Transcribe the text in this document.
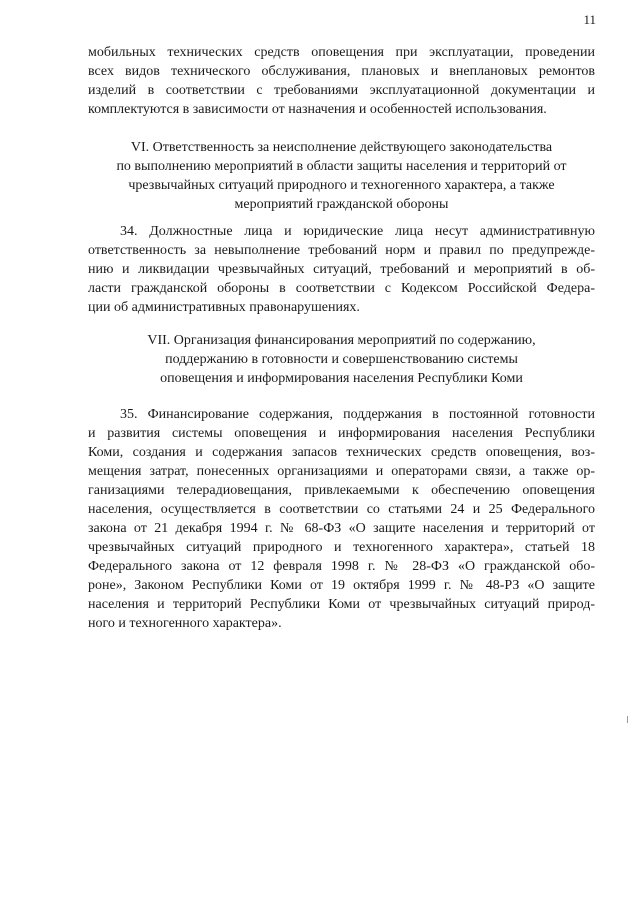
11
мобильных технических средств оповещения при эксплуатации, проведении
всех видов технического обслуживания, плановых и внеплановых ремонтов
изделий в соответствии с требованиями эксплуатационной документации и
комплектуются в зависимости от назначения и особенностей использования.
VI. Ответственность за неисполнение действующего законодательства
по выполнению мероприятий в области защиты населения и территорий от
чрезвычайных ситуаций природного и техногенного характера, а также
мероприятий гражданской обороны
34. Должностные лица и юридические лица несут административную
ответственность за невыполнение требований норм и правил по предупрежде-
нию и ликвидации чрезвычайных ситуаций, требований и мероприятий в об-
ласти гражданской обороны в соответствии с Кодексом Российской Федера-
ции об административных правонарушениях.
VII. Организация финансирования мероприятий по содержанию,
поддержанию в готовности и совершенствованию системы
оповещения и информирования населения Республики Коми
35. Финансирование содержания, поддержания в постоянной готовности
и развития системы оповещения и информирования населения Республики
Коми, создания и содержания запасов технических средств оповещения, воз-
мещения затрат, понесенных организациями и операторами связи, а также ор-
ганизациями телерадиовещания, привлекаемыми к обеспечению оповещения
населения, осуществляется в соответствии со статьями 24 и 25 Федерального
закона от 21 декабря 1994 г. № 68-ФЗ «О защите населения и территорий от
чрезвычайных ситуаций природного и техногенного характера», статьей 18
Федерального закона от 12 февраля 1998 г. № 28-ФЗ «О гражданской обо-
роне», Законом Республики Коми от 19 октября 1999 г. № 48-РЗ «О защите
населения и территорий Республики Коми от чрезвычайных ситуаций природ-
ного и техногенного характера».
